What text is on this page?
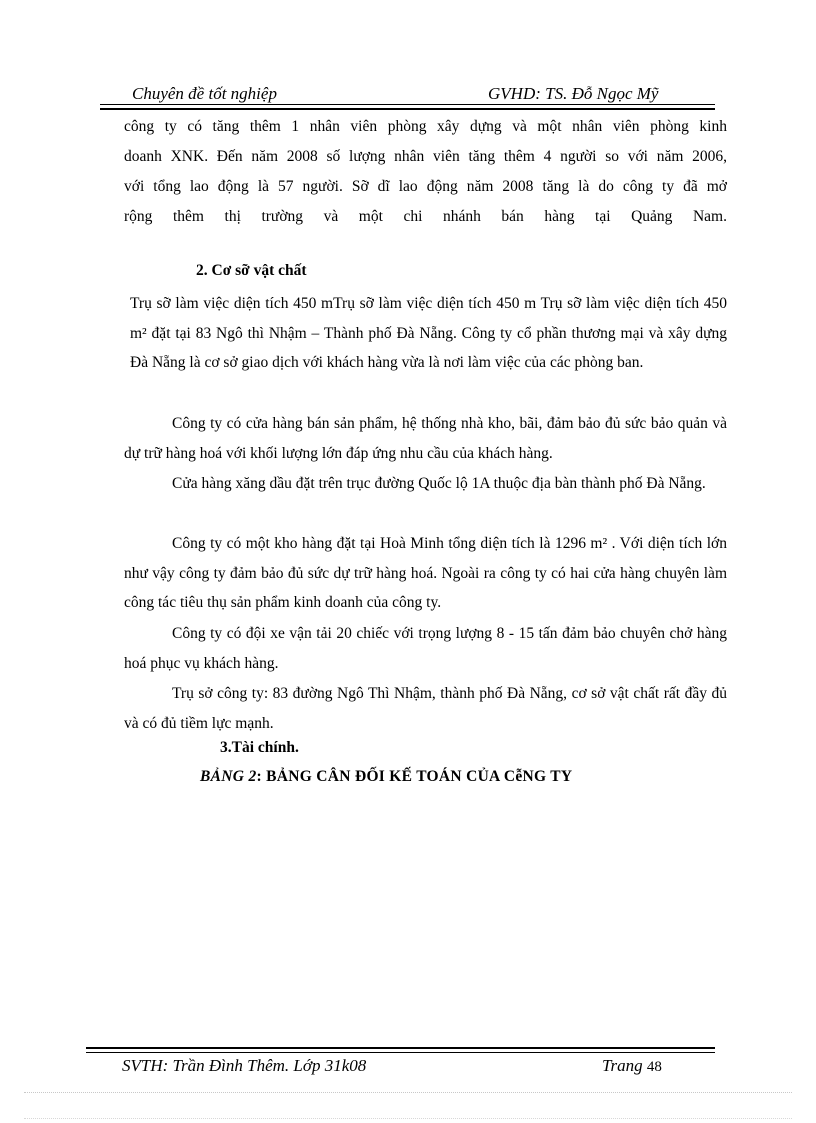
Chuyên đề tốt nghiệp	GVHD: TS. Đỗ Ngọc Mỹ

công ty có tăng thêm 1 nhân viên phòng xây dựng và một nhân viên phòng kinh

doanh XNK. Đến năm 2008 số lượng nhân viên tăng thêm 4 người so với năm 2006,

với tổng lao động là 57 người. Sỡ dĩ lao động năm 2008 tăng là do công ty đã mở

rộng thêm thị trường và một chi nhánh bán hàng tại Quảng Nam.

2. Cơ sỡ vật chất

Trụ sỡ làm việc diện tích 450 mTrụ sỡ làm việc diện tích 450 m Trụ sỡ làm việc diện tích 450 m² đặt tại 83 Ngô thì Nhậm – Thành phố Đà Nẵng. Công ty cổ phần thương mại và xây dựng Đà Nẵng là cơ sở giao dịch với khách hàng vừa là nơi làm việc của các phòng ban.

Công ty có cửa hàng bán sản phẩm, hệ thống nhà kho, bãi, đảm bảo đủ sức bảo quản và dự trữ hàng hoá với khối lượng lớn đáp ứng nhu cầu của khách hàng.

Cửa hàng xăng dầu đặt trên trục đường Quốc lộ 1A thuộc địa bàn thành phố Đà Nẵng.

Công ty có một kho hàng đặt tại Hoà Minh tổng diện tích là 1296 m² . Với diện tích lớn như vậy công ty đảm bảo đủ sức dự trữ hàng hoá. Ngoài ra công ty có hai cửa hàng chuyên làm công tác tiêu thụ sản phẩm kinh doanh của công ty.

Công ty có đội xe vận tải 20 chiếc với trọng lượng 8 - 15 tấn đảm bảo chuyên chở hàng hoá phục vụ khách hàng.

Trụ sở công ty: 83 đường Ngô Thì Nhậm, thành phố Đà Nẵng, cơ sở vật chất rất đầy đủ và có đủ tiềm lực mạnh.

3.Tài chính.

BẢNG 2: BẢNG CÂN ĐỐI KẾ TOÁN CỦA CễNG TY

SVTH: Trần Đình Thêm. Lớp 31k08	Trang 48
